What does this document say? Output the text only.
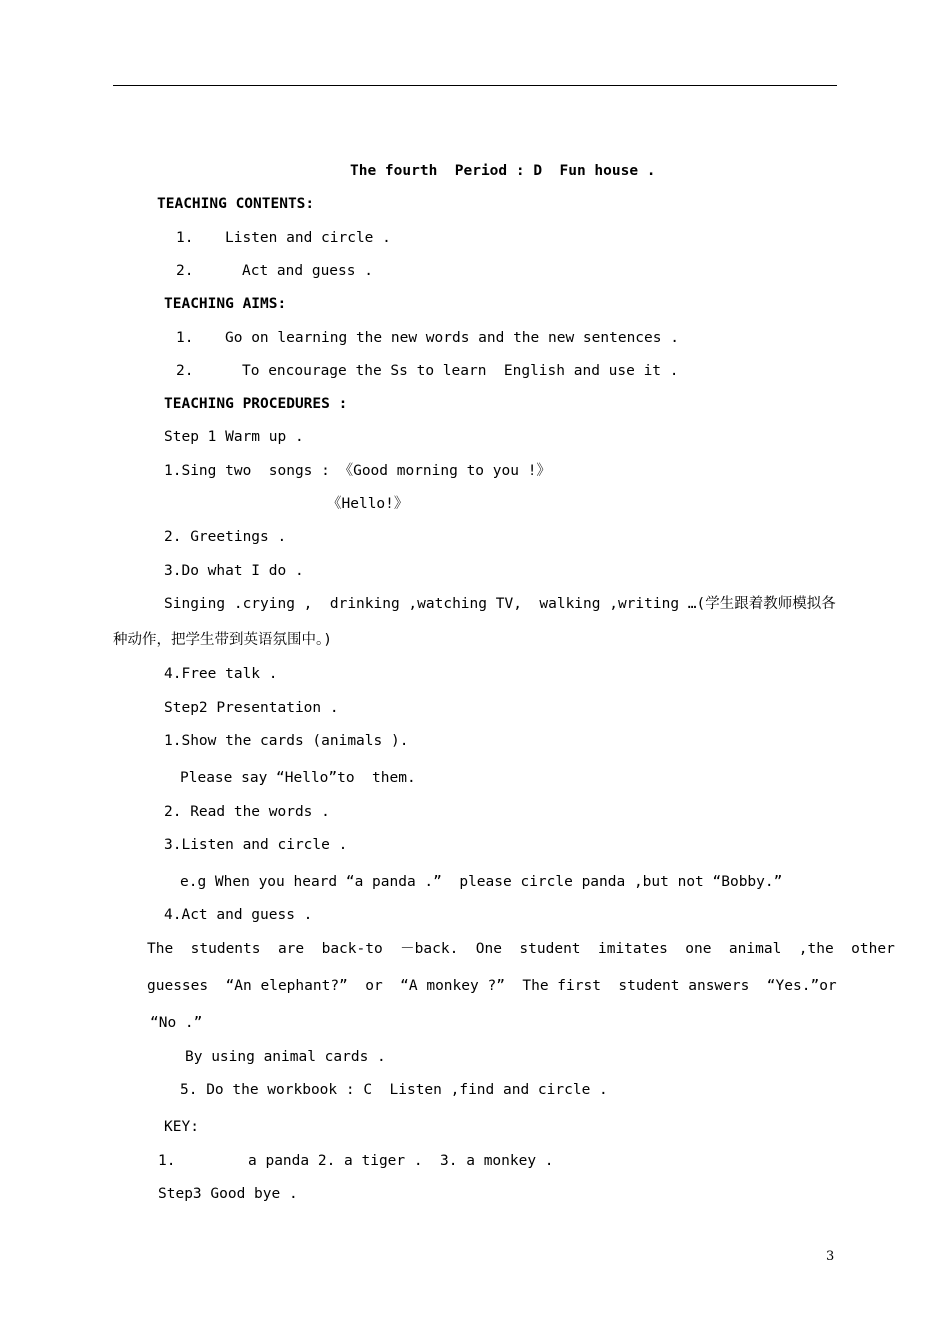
The fourth  Period : D  Fun house .
TEACHING CONTENTS:
1. Listen and circle .
2.	Act and guess .
TEACHING AIMS:
1. Go on learning the new words and the new sentences .
2.	To encourage the Ss to learn  English and use it .
TEACHING PROCEDURES :
Step 1 Warm up .
1.Sing two  songs : 《Good morning to you !》
《Hello!》
2. Greetings .
3.Do what I do .
Singing .crying ,  drinking ,watching TV,  walking ,writing …(学生跟着教师模拟各
种动作，把学生带到英语氛围中。)
4.Free talk .
Step2 Presentation .
1.Show the cards (animals ).
Please say “Hello”to  them.
2. Read the words .
3.Listen and circle .
e.g When you heard “a panda .”  please circle panda ,but not “Bobby.”
4.Act and guess .
The  students  are  back-to  －back.  One  student  imitates  one  animal  ,the  other
guesses  “An elephant?”  or  “A monkey ?”  The first  student answers  “Yes.”or
“No .”
By using animal cards .
5. Do the workbook : C  Listen ,find and circle .
KEY:
1.	a panda 2. a tiger .  3. a monkey .
Step3 Good bye .
3
